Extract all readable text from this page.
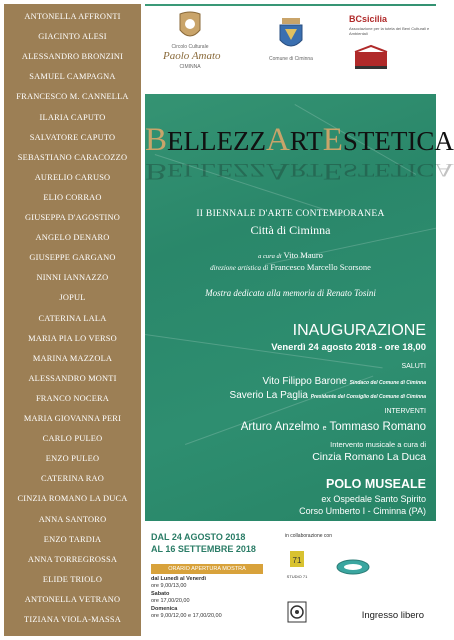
ANTONELLA AFFRONTI
GIACINTO ALESI
ALESSANDRO BRONZINI
SAMUEL CAMPAGNA
FRANCESCO M. CANNELLA
ILARIA CAPUTO
SALVATORE CAPUTO
SEBASTIANO CARACOZZO
AURELIO CARUSO
ELIO CORRAO
GIUSEPPA D'AGOSTINO
ANGELO DENARO
GIUSEPPE GARGANO
NINNI IANNAZZO
JOPUL
CATERINA LALA
MARIA PIA LO VERSO
MARINA MAZZOLA
ALESSANDRO MONTI
FRANCO NOCERA
MARIA GIOVANNA PERI
CARLO PULEO
ENZO PULEO
CATERINA RAO
CINZIA ROMANO LA DUCA
ANNA SANTORO
ENZO TARDIA
ANNA TORREGROSSA
ELIDE TRIOLO
ANTONELLA VETRANO
TIZIANA VIOLA-MASSA
Circolo Culturale
Paolo Amato
CIMINNA
Comune di Ciminna
BCsicilia
Associazione per la tutela dei Beni Culturali e Ambientali
BELLEZZARTESTETICA
BELLEZZARTESTETICA
II BIENNALE D'ARTE CONTEMPORANEA
Città di Ciminna
a cura di Vito Mauro
direzione artistica di Francesco Marcello Scorsone
Mostra dedicata alla memoria di Renato Tosini
INAUGURAZIONE
Venerdì 24 agosto 2018 - ore 18,00
SALUTI
Vito Filippo Barone Sindaco del Comune di Ciminna
Saverio La Paglia Presidente del Consiglio del Comune di Ciminna
INTERVENTI
Arturo Anzelmo e Tommaso Romano
Intervento musicale a cura di
Cinzia Romano La Duca
POLO MUSEALE
ex Ospedale Santo Spirito
Corso Umberto I - Ciminna (PA)
DAL 24 AGOSTO 2018
AL 16 SETTEMBRE 2018
ORARIO APERTURA MOSTRA
dal Lunedì al Venerdì
ore 9,00/13,00
Sabato
ore 17,00/20,00
Domenica
ore 9,00/12,00 e 17,00/20,00
in collaborazione con
71
STUDIO 71
Ingresso libero
